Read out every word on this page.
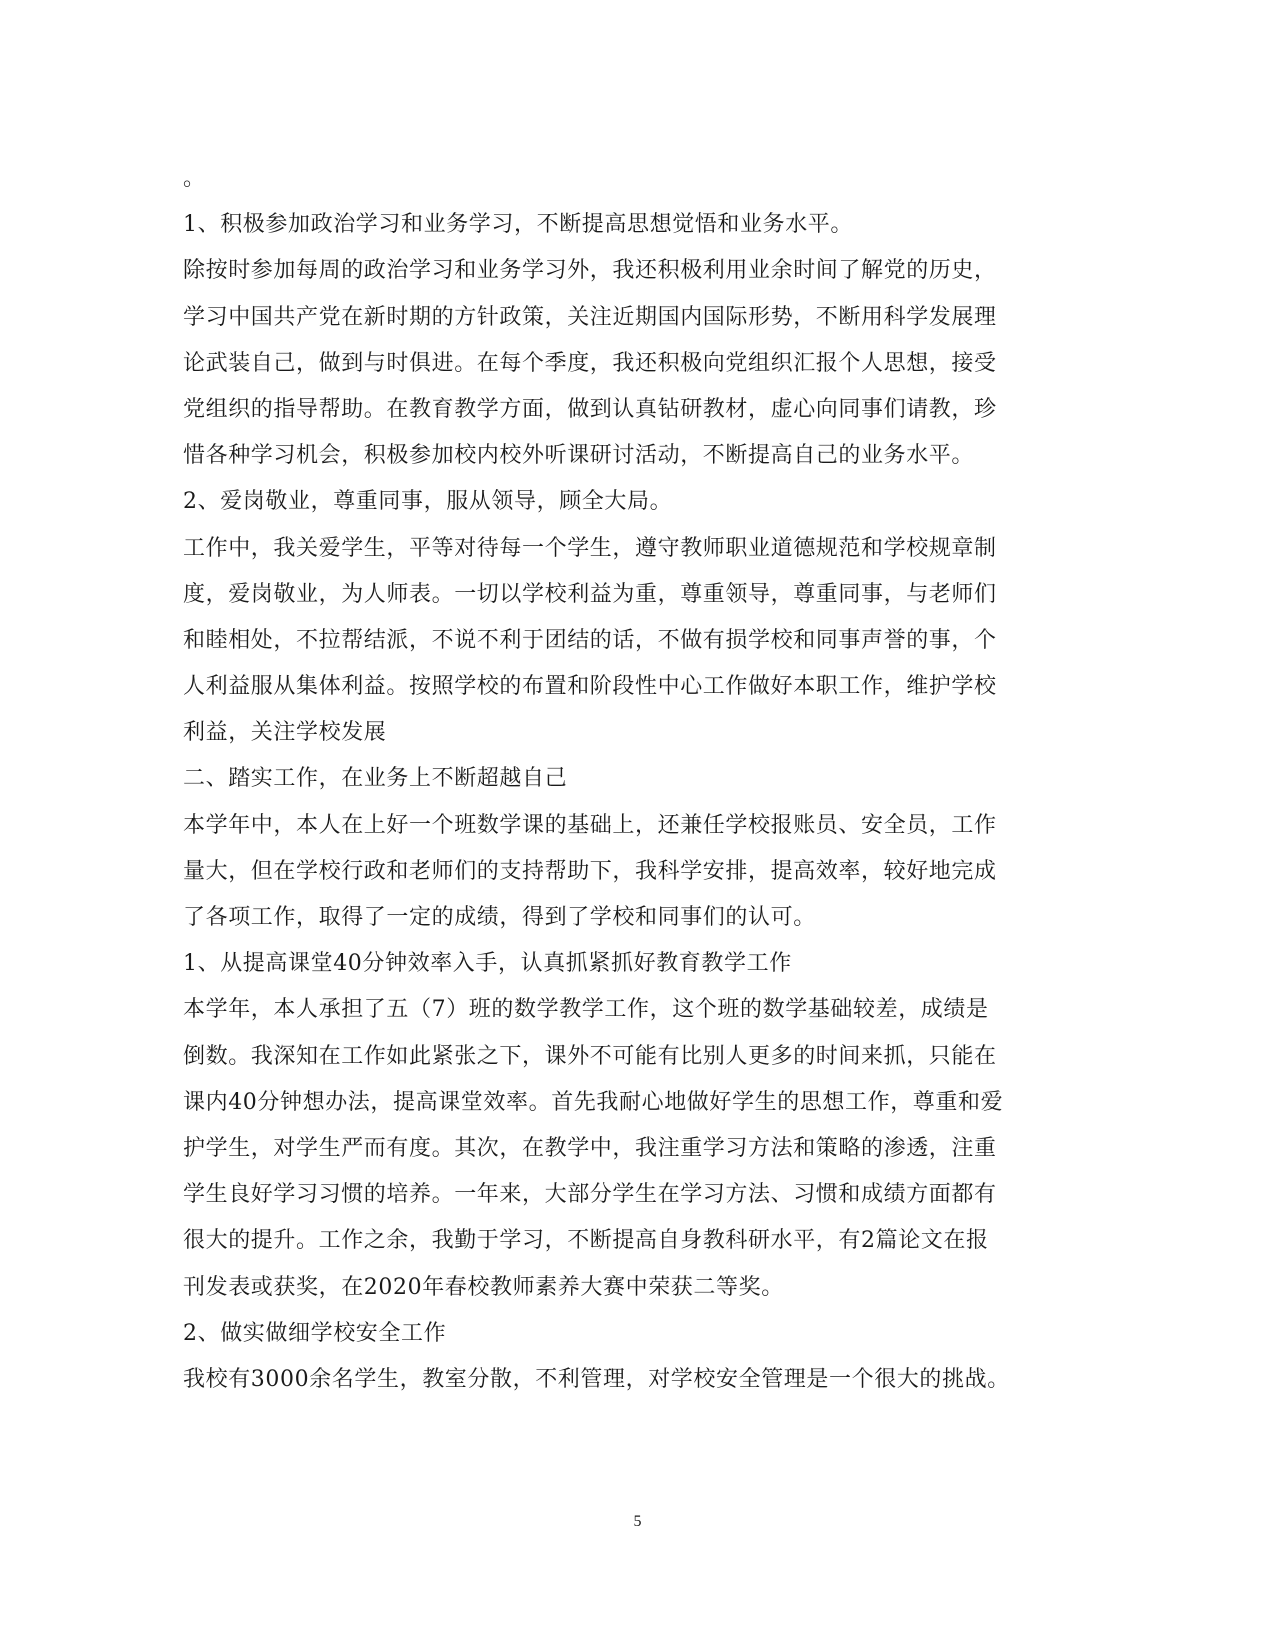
。
1、积极参加政治学习和业务学习，不断提高思想觉悟和业务水平。
除按时参加每周的政治学习和业务学习外，我还积极利用业余时间了解党的历史，
学习中国共产党在新时期的方针政策，关注近期国内国际形势，不断用科学发展理
论武装自己，做到与时俱进。在每个季度，我还积极向党组织汇报个人思想，接受
党组织的指导帮助。在教育教学方面，做到认真钻研教材，虚心向同事们请教，珍
惜各种学习机会，积极参加校内校外听课研讨活动，不断提高自己的业务水平。
2、爱岗敬业，尊重同事，服从领导，顾全大局。
工作中，我关爱学生，平等对待每一个学生，遵守教师职业道德规范和学校规章制
度，爱岗敬业，为人师表。一切以学校利益为重，尊重领导，尊重同事，与老师们
和睦相处，不拉帮结派，不说不利于团结的话，不做有损学校和同事声誉的事，个
人利益服从集体利益。按照学校的布置和阶段性中心工作做好本职工作，维护学校
利益，关注学校发展
二、踏实工作，在业务上不断超越自己
本学年中，本人在上好一个班数学课的基础上，还兼任学校报账员、安全员，工作
量大，但在学校行政和老师们的支持帮助下，我科学安排，提高效率，较好地完成
了各项工作，取得了一定的成绩，得到了学校和同事们的认可。
1、从提高课堂40分钟效率入手，认真抓紧抓好教育教学工作
本学年，本人承担了五（7）班的数学教学工作，这个班的数学基础较差，成绩是
倒数。我深知在工作如此紧张之下，课外不可能有比别人更多的时间来抓，只能在
课内40分钟想办法，提高课堂效率。首先我耐心地做好学生的思想工作，尊重和爱
护学生，对学生严而有度。其次，在教学中，我注重学习方法和策略的渗透，注重
学生良好学习习惯的培养。一年来，大部分学生在学习方法、习惯和成绩方面都有
很大的提升。工作之余，我勤于学习，不断提高自身教科研水平，有2篇论文在报
刊发表或获奖，在2020年春校教师素养大赛中荣获二等奖。
2、做实做细学校安全工作
我校有3000余名学生，教室分散，不利管理，对学校安全管理是一个很大的挑战。
5
